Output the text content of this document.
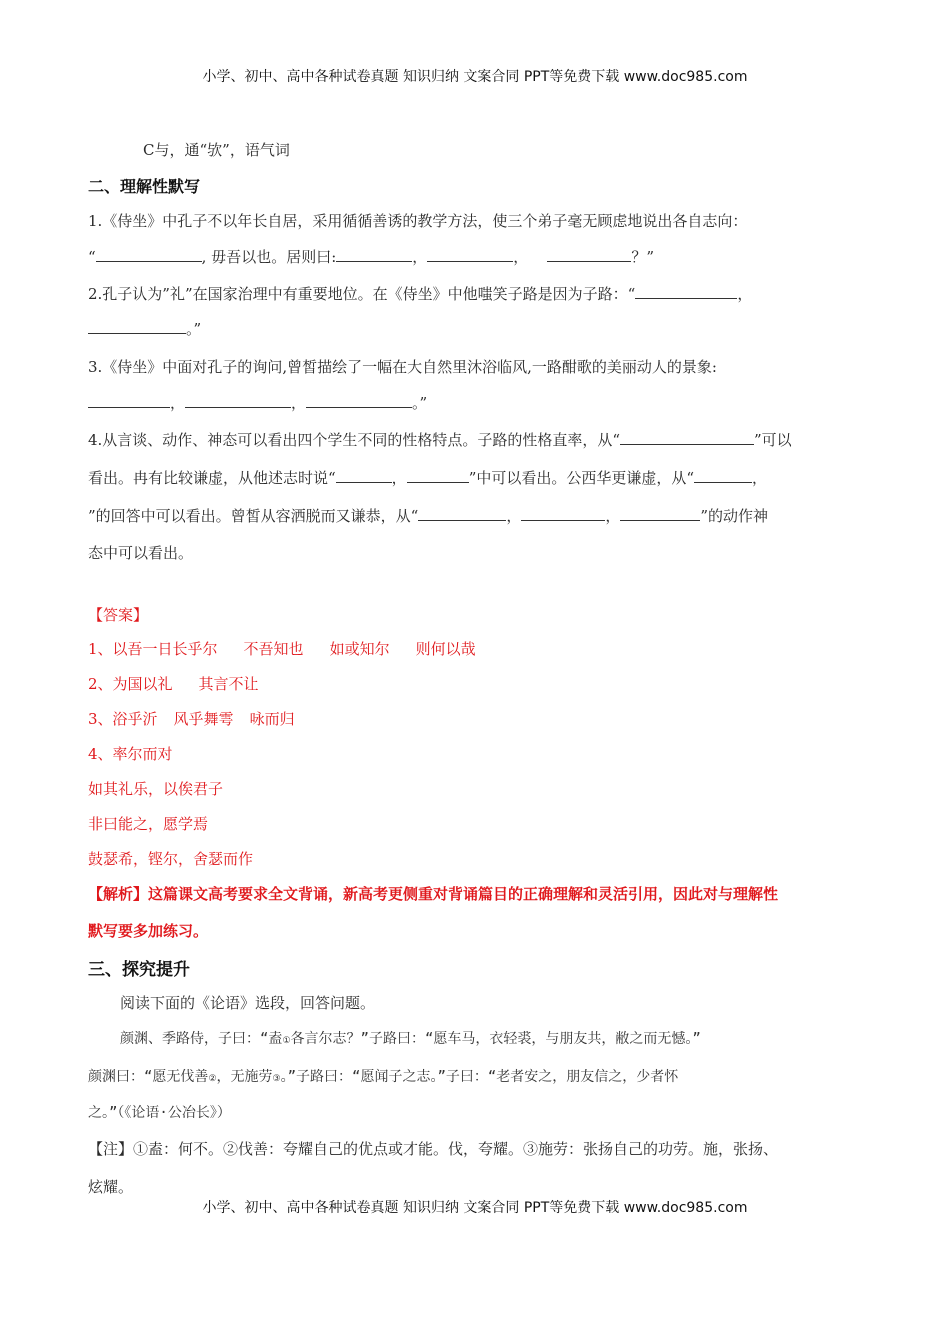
小学、初中、高中各种试卷真题 知识归纳 文案合同 PPT等免费下载 www.doc985.com
C与，通“欤”，语气词
二、理解性默写
1.《侍坐》中孔子不以年长自居，采用循循善诱的教学方法，使三个弟子毫无顾虑地说出各自志向：
“	, 毋吾以也。居则曰:	，	，	？”
2.孔子认为”礼”在国家治理中有重要地位。在《侍坐》中他嗤笑子路是因为子路：“	，
。”
3.《侍坐》中面对孔子的询问,曾皙描绘了一幅在大自然里沐浴临风,一路酣歌的美丽动人的景象:
，	，	。”
4.从言谈、动作、神态可以看出四个学生不同的性格特点。子路的性格直率，从“	”可以
看出。冉有比较谦虚，从他述志时说“	，	”中可以看出。公西华更谦虚，从“	，
”的回答中可以看出。曾皙从容洒脱而又谦恭，从“	，	，	”的动作神
态中可以看出。
【答案】
1、以吾一日长乎尔 不吾知也 如或知尔 则何以哉
2、为国以礼 其言不让
3、浴乎沂 风乎舞雩 咏而归
4、率尔而对
如其礼乐，以俟君子
非曰能之，愿学焉
鼓瑟希，铿尔，舍瑟而作
【解析】这篇课文高考要求全文背诵，新高考更侧重对背诵篇目的正确理解和灵活引用，因此对与理解性
默写要多加练习。
三、探究提升
阅读下面的《论语》选段，回答问题。
颜渊、季路侍，子曰：“盍①各言尔志？”子路曰：“愿车马，衣轻裘，与朋友共，敝之而无憾。”
颜渊曰：“愿无伐善②，无施劳③。”子路曰：“愿闻子之志。”子曰：“老者安之，朋友信之，少者怀
之。”（《论语·公冶长》）
【注】①盍：何不。②伐善：夸耀自己的优点或才能。伐，夸耀。③施劳：张扬自己的功劳。施，张扬、
炫耀。
小学、初中、高中各种试卷真题 知识归纳 文案合同 PPT等免费下载 www.doc985.com
